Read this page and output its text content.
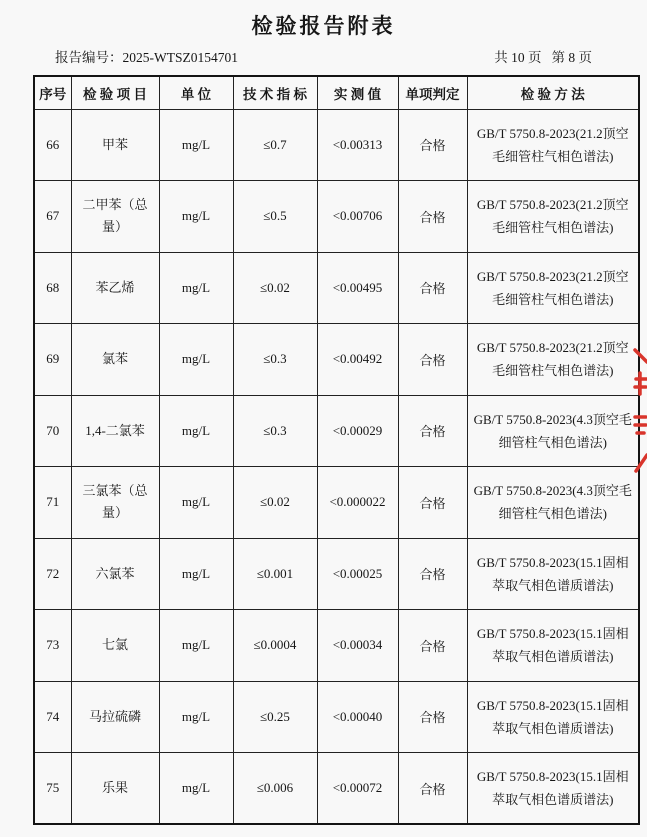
检验报告附表
报告编号：2025-WTSZ0154701	共 10 页 第 8 页
序号	检 验 项 目	单 位	技 术 指 标	实 测 值	单项判定	检 验 方 法
66	甲苯	mg/L	≤0.7	<0.00313	合格	GB/T 5750.8-2023(21.2顶空毛细管柱气相色谱法)
67	二甲苯（总量）	mg/L	≤0.5	<0.00706	合格	GB/T 5750.8-2023(21.2顶空毛细管柱气相色谱法)
68	苯乙烯	mg/L	≤0.02	<0.00495	合格	GB/T 5750.8-2023(21.2顶空毛细管柱气相色谱法)
69	氯苯	mg/L	≤0.3	<0.00492	合格	GB/T 5750.8-2023(21.2顶空毛细管柱气相色谱法)
70	1,4-二氯苯	mg/L	≤0.3	<0.00029	合格	GB/T 5750.8-2023(4.3顶空毛细管柱气相色谱法)
71	三氯苯（总量）	mg/L	≤0.02	<0.000022	合格	GB/T 5750.8-2023(4.3顶空毛细管柱气相色谱法)
72	六氯苯	mg/L	≤0.001	<0.00025	合格	GB/T 5750.8-2023(15.1固相萃取气相色谱质谱法)
73	七氯	mg/L	≤0.0004	<0.00034	合格	GB/T 5750.8-2023(15.1固相萃取气相色谱质谱法)
74	马拉硫磷	mg/L	≤0.25	<0.00040	合格	GB/T 5750.8-2023(15.1固相萃取气相色谱质谱法)
75	乐果	mg/L	≤0.006	<0.00072	合格	GB/T 5750.8-2023(15.1固相萃取气相色谱质谱法)
